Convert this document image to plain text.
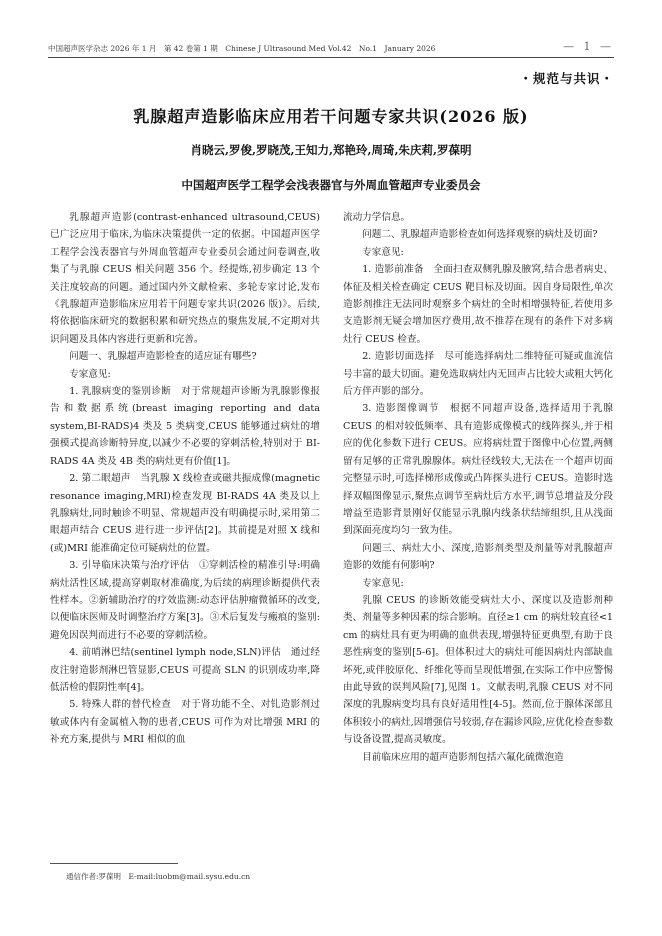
中国超声医学杂志 2026 年 1 月　第 42 卷第 1 期　Chinese J Ultrasound Med Vol.42　No.1　January 2026	— 1 —
・规范与共识・
乳腺超声造影临床应用若干问题专家共识(2026 版)
肖晓云,罗俊,罗晓茂,王知力,郑艳玲,周琦,朱庆莉,罗葆明
中国超声医学工程学会浅表器官与外周血管超声专业委员会

乳腺超声造影(contrast-enhanced ultrasound,CEUS)已广泛应用于临床,为临床决策提供一定的依据。中国超声医学工程学会浅表器官与外周血管超声专业委员会通过问卷调查,收集了与乳腺 CEUS 相关问题 356 个。经提炼,初步确定 13 个关注度较高的问题。通过国内外文献检索、多轮专家讨论,发布《乳腺超声造影临床应用若干问题专家共识(2026 版)》。后续,将依据临床研究的数据积累和研究热点的聚焦发展,不定期对共识问题及具体内容进行更新和完善。

问题一、乳腺超声造影检查的适应证有哪些?

专家意见:

1. 乳腺病变的鉴别诊断　对于常规超声诊断为乳腺影像报告和数据系统(breast imaging reporting and data system,BI-RADS)4 类及 5 类病变,CEUS 能够通过病灶的增强模式提高诊断特异度,以减少不必要的穿刺活检,特别对于 BI-RADS 4A 类及 4B 类的病灶更有价值[1]。

2. 第二眼超声　当乳腺 X 线检查或磁共振成像(magnetic resonance imaging,MRI)检查发现 BI-RADS 4A 类及以上乳腺病灶,同时触诊不明显、常规超声没有明确提示时,采用第二眼超声结合 CEUS 进行进一步评估[2]。其前提是对照 X 线和(或)MRI 能准确定位可疑病灶的位置。

3. 引导临床决策与治疗评估　①穿刺活检的精准引导:明确病灶活性区域,提高穿刺取材准确度,为后续的病理诊断提供代表性样本。②新辅助治疗的疗效监测:动态评估肿瘤微循环的改变,以便临床医师及时调整治疗方案[3]。③术后复发与瘢痕的鉴别:避免因误判而进行不必要的穿刺活检。

4. 前哨淋巴结(sentinel lymph node,SLN)评估　通过经皮注射造影剂淋巴管显影,CEUS 可提高 SLN 的识别成功率,降低活检的假阴性率[4]。

5. 特殊人群的替代检查　对于肾功能不全、对钆造影剂过敏或体内有金属植入物的患者,CEUS 可作为对比增强 MRI 的补充方案,提供与 MRI 相似的血

流动力学信息。

问题二、乳腺超声造影检查如何选择观察的病灶及切面?

专家意见:

1. 造影前准备　全面扫查双侧乳腺及腋窝,结合患者病史、体征及相关检查确定 CEUS 靶目标及切面。因自身局限性,单次造影剂推注无法同时观察多个病灶的全时相增强特征,若使用多支造影剂无疑会增加医疗费用,故不推荐在现有的条件下对多病灶行 CEUS 检查。

2. 造影切面选择　尽可能选择病灶二维特征可疑或血流信号丰富的最大切面。避免选取病灶内无回声占比较大或粗大钙化后方伴声影的部分。

3. 造影图像调节　根据不同超声设备,选择适用于乳腺 CEUS 的相对较低频率、具有造影成像模式的线阵探头,并于相应的优化参数下进行 CEUS。应将病灶置于图像中心位置,两侧留有足够的正常乳腺腺体。病灶径线较大,无法在一个超声切面完整显示时,可选择梯形成像或凸阵探头进行 CEUS。造影时选择双幅图像显示,聚焦点调节至病灶后方水平,调节总增益及分段增益至造影背景刚好仅能显示乳腺内线条状结缔组织,且从浅面到深面亮度均匀一致为佳。

问题三、病灶大小、深度,造影剂类型及剂量等对乳腺超声造影的效能有何影响?

专家意见:

乳腺 CEUS 的诊断效能受病灶大小、深度以及造影剂种类、剂量等多种因素的综合影响。直径≥1 cm 的病灶较直径<1 cm 的病灶具有更为明确的血供表现,增强特征更典型,有助于良恶性病变的鉴别[5-6]。但体积过大的病灶可能因病灶内部缺血坏死,或伴胶原化、纤维化等而呈现低增强,在实际工作中应警惕由此导致的误判风险[7],见图 1。文献表明,乳腺 CEUS 对不同深度的乳腺病变均具有良好适用性[4-5]。然而,位于腺体深部且体积较小的病灶,因增强信号较弱,存在漏诊风险,应优化检查参数与设备设置,提高灵敏度。

目前临床应用的超声造影剂包括六氟化硫微泡造

通信作者:罗葆明　E-mail:luobm@mail.sysu.edu.cn
